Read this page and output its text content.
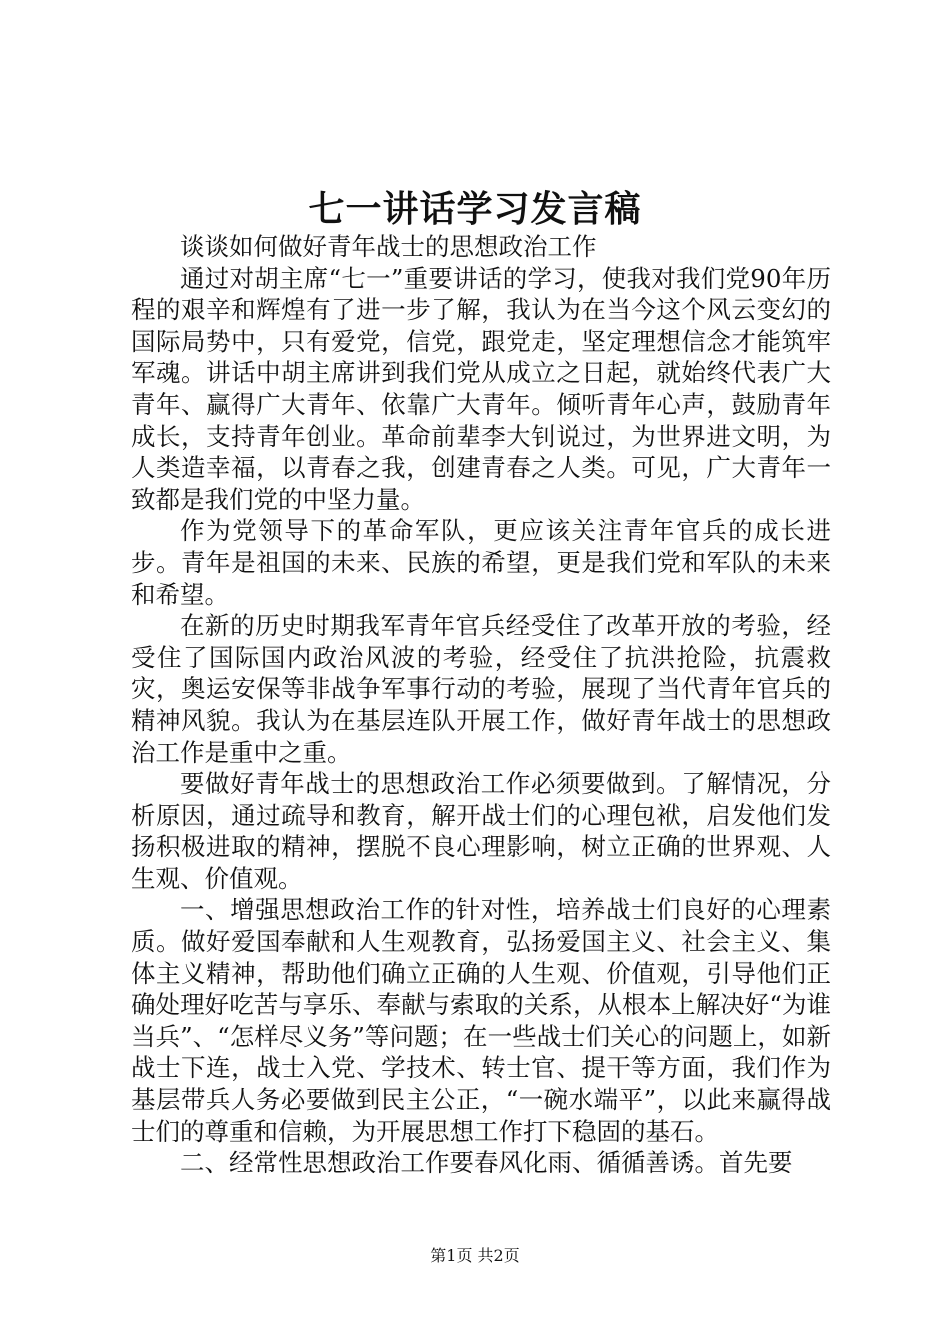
七一讲话学习发言稿

谈谈如何做好青年战士的思想政治工作

通过对胡主席“七一”重要讲话的学习，使我对我们党90年历程的艰辛和辉煌有了进一步了解，我认为在当今这个风云变幻的国际局势中，只有爱党，信党，跟党走，坚定理想信念才能筑牢军魂。讲话中胡主席讲到我们党从成立之日起，就始终代表广大青年、赢得广大青年、依靠广大青年。倾听青年心声，鼓励青年成长，支持青年创业。革命前辈李大钊说过，为世界进文明，为人类造幸福，以青春之我，创建青春之人类。可见，广大青年一致都是我们党的中坚力量。

作为党领导下的革命军队，更应该关注青年官兵的成长进步。青年是祖国的未来、民族的希望，更是我们党和军队的未来和希望。

在新的历史时期我军青年官兵经受住了改革开放的考验，经受住了国际国内政治风波的考验，经受住了抗洪抢险，抗震救灾，奥运安保等非战争军事行动的考验，展现了当代青年官兵的精神风貌。我认为在基层连队开展工作，做好青年战士的思想政治工作是重中之重。

要做好青年战士的思想政治工作必须要做到。了解情况，分析原因，通过疏导和教育，解开战士们的心理包袱，启发他们发扬积极进取的精神，摆脱不良心理影响，树立正确的世界观、人生观、价值观。

一、增强思想政治工作的针对性，培养战士们良好的心理素质。做好爱国奉献和人生观教育，弘扬爱国主义、社会主义、集体主义精神，帮助他们确立正确的人生观、价值观，引导他们正确处理好吃苦与享乐、奉献与索取的关系，从根本上解决好“为谁当兵”、“怎样尽义务”等问题；在一些战士们关心的问题上，如新战士下连，战士入党、学技术、转士官、提干等方面，我们作为基层带兵人务必要做到民主公正，“一碗水端平”，以此来赢得战士们的尊重和信赖，为开展思想工作打下稳固的基石。

二、经常性思想政治工作要春风化雨、循循善诱。首先要

第1页 共2页
